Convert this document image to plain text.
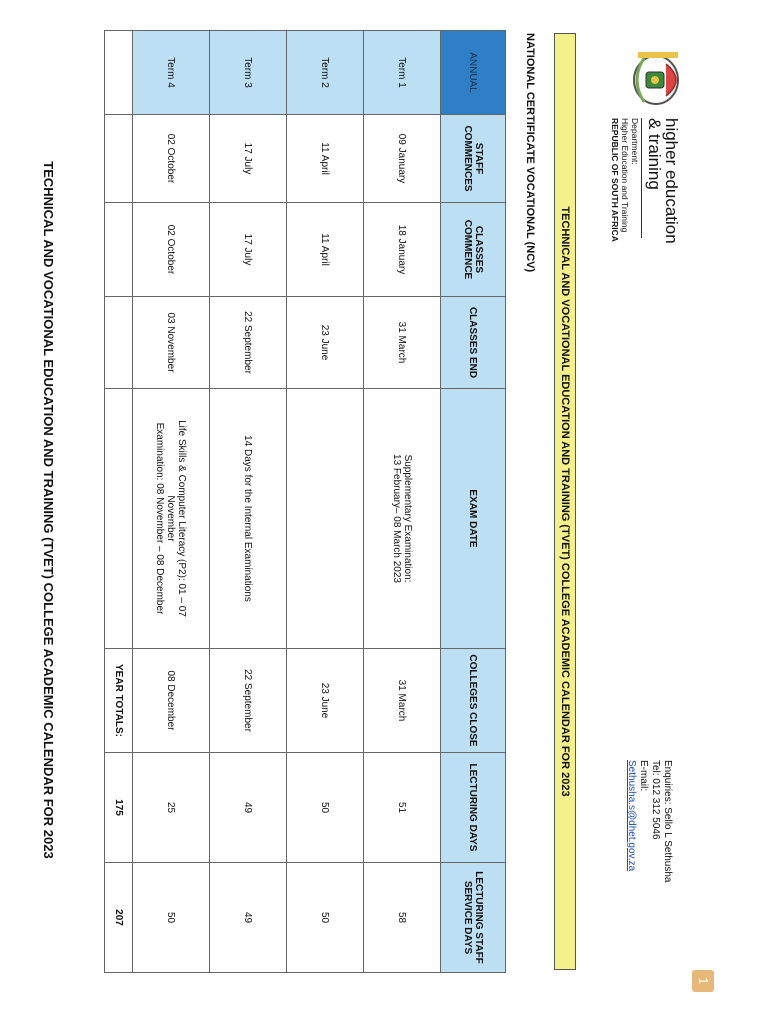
higher education
& training
Department:
Higher Education and Training
REPUBLIC OF SOUTH AFRICA
Enquiries: Sello L Sethusha
Tel: 012 312 5046
E-mail:
Sethusha.s@dhet.gov.za
1
TECHNICAL AND VOCATIONAL EDUCATION AND TRAINING (TVET) COLLEGE ACADEMIC CALENDAR FOR 2023
NATIONAL CERTIFICATE VOCATIONAL (NCV)
ANNUAL	STAFF COMMENCES	CLASSES COMMENCE	CLASSES END	EXAM DATE	COLLEGES CLOSE	LECTURING DAYS	LECTURING STAFF SERVICE DAYS
Term 1	09 January	18 January	31 March	Supplementary Examination:
13 February– 08 March 2023	31 March	51	58
Term 2	11 April	11 April	23 June		23 June	50	50
Term 3	17 July	17 July	22 September	14 Days for the Internal Examinations	22 September	49	49
Term 4	02 October	02 October	03 November	Life Skills & Computer Literacy (P2): 01 – 07
November
Examination: 08 November – 08 December	08 December	25	50
					YEAR TOTALS:	175	207
TECHNICAL AND VOCATIONAL EDUCATION AND TRAINING (TVET) COLLEGE ACADEMIC CALENDAR FOR 2023
